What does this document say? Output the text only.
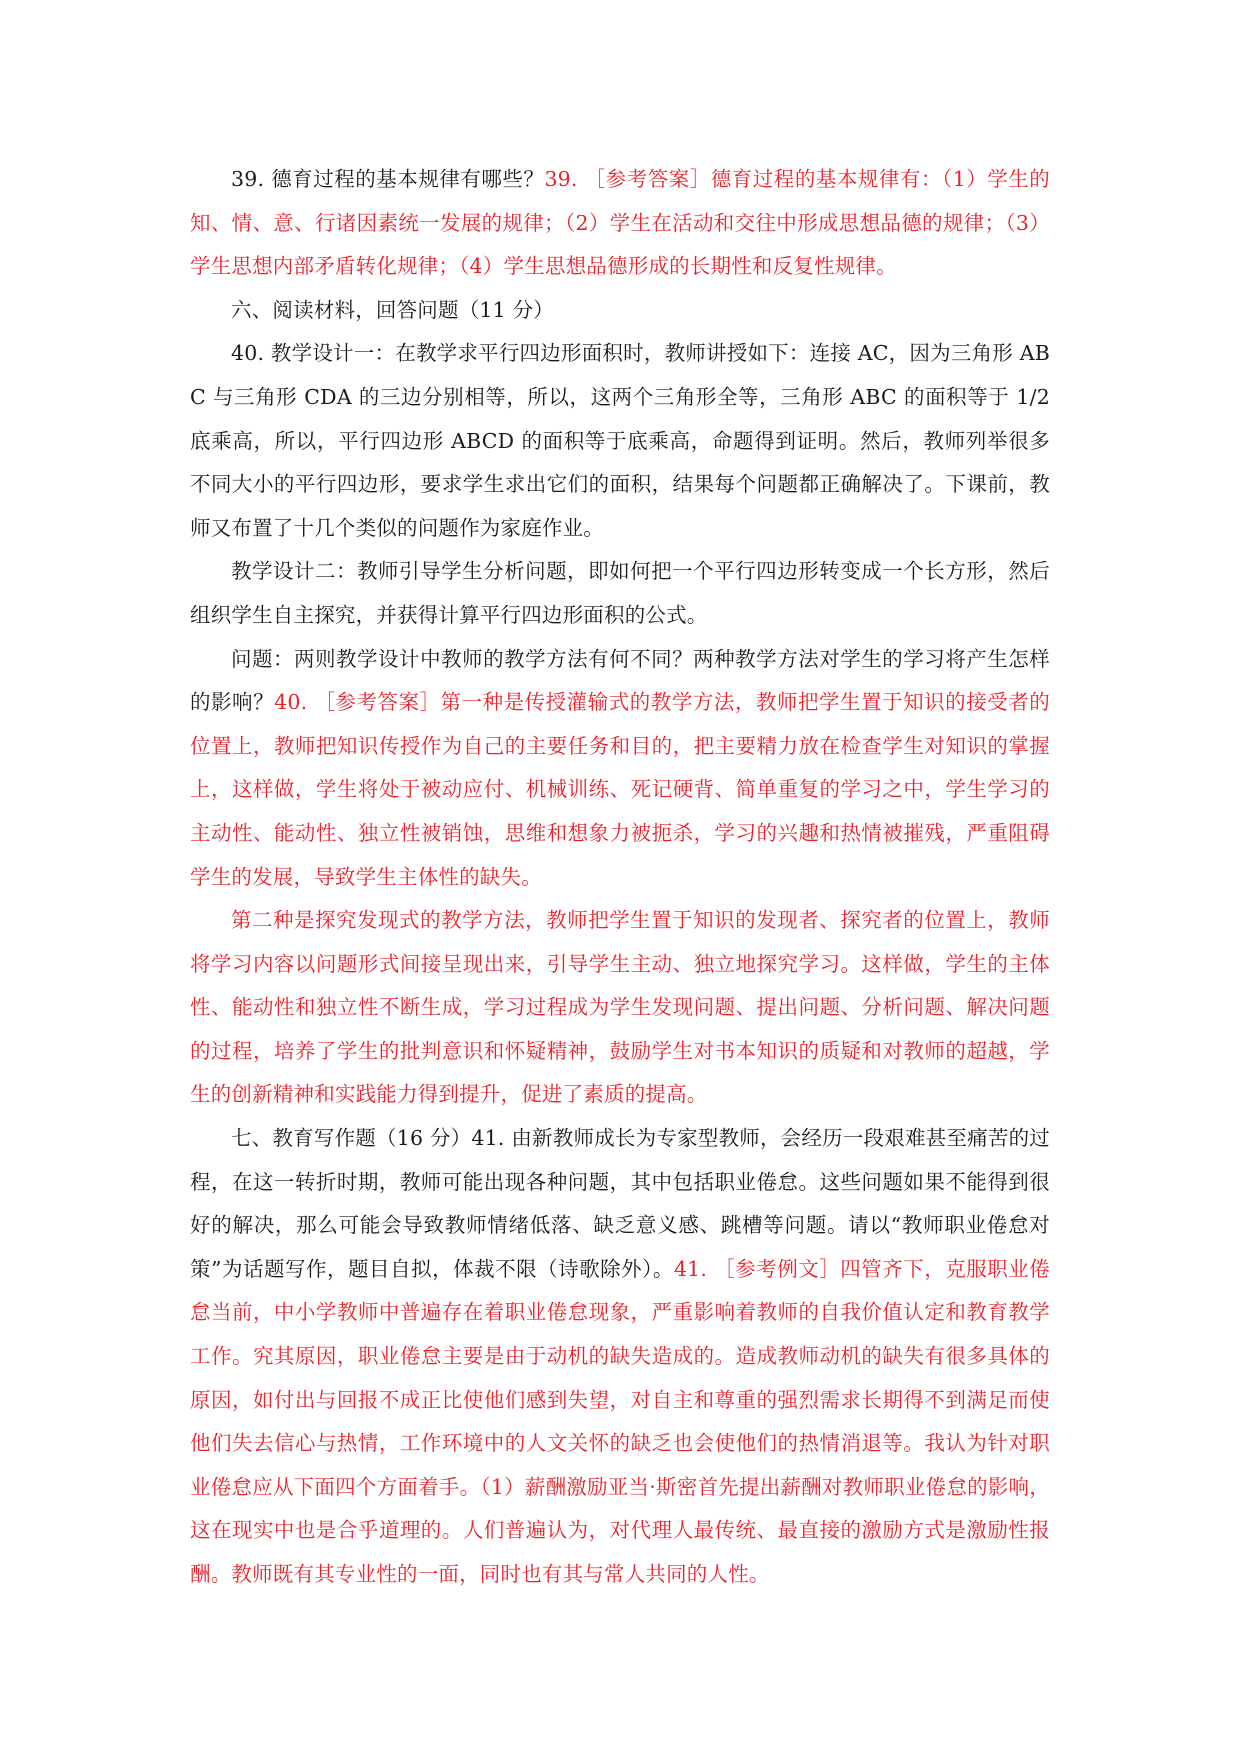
39. 德育过程的基本规律有哪些？39. ［参考答案］德育过程的基本规律有：（1）学生的知、情、意、行诸因素统一发展的规律；（2）学生在活动和交往中形成思想品德的规律；（3）学生思想内部矛盾转化规律；（4）学生思想品德形成的长期性和反复性规律。

六、阅读材料，回答问题（11 分）

40. 教学设计一：在教学求平行四边形面积时，教师讲授如下：连接 AC，因为三角形 ABC 与三角形 CDA 的三边分别相等，所以，这两个三角形全等，三角形 ABC 的面积等于 1/2 底乘高，所以，平行四边形 ABCD 的面积等于底乘高，命题得到证明。然后，教师列举很多不同大小的平行四边形，要求学生求出它们的面积，结果每个问题都正确解决了。下课前，教师又布置了十几个类似的问题作为家庭作业。

教学设计二：教师引导学生分析问题，即如何把一个平行四边形转变成一个长方形，然后组织学生自主探究，并获得计算平行四边形面积的公式。

问题：两则教学设计中教师的教学方法有何不同？两种教学方法对学生的学习将产生怎样的影响？40. ［参考答案］第一种是传授灌输式的教学方法，教师把学生置于知识的接受者的位置上，教师把知识传授作为自己的主要任务和目的，把主要精力放在检查学生对知识的掌握上，这样做，学生将处于被动应付、机械训练、死记硬背、简单重复的学习之中，学生学习的主动性、能动性、独立性被销蚀，思维和想象力被扼杀，学习的兴趣和热情被摧残，严重阻碍学生的发展，导致学生主体性的缺失。

第二种是探究发现式的教学方法，教师把学生置于知识的发现者、探究者的位置上，教师将学习内容以问题形式间接呈现出来，引导学生主动、独立地探究学习。这样做，学生的主体性、能动性和独立性不断生成，学习过程成为学生发现问题、提出问题、分析问题、解决问题的过程，培养了学生的批判意识和怀疑精神，鼓励学生对书本知识的质疑和对教师的超越，学生的创新精神和实践能力得到提升，促进了素质的提高。

七、教育写作题（16 分）41. 由新教师成长为专家型教师，会经历一段艰难甚至痛苦的过程，在这一转折时期，教师可能出现各种问题，其中包括职业倦怠。这些问题如果不能得到很好的解决，那么可能会导致教师情绪低落、缺乏意义感、跳槽等问题。请以“教师职业倦怠对策”为话题写作，题目自拟，体裁不限（诗歌除外）。41. ［参考例文］四管齐下，克服职业倦怠当前，中小学教师中普遍存在着职业倦怠现象，严重影响着教师的自我价值认定和教育教学工作。究其原因，职业倦怠主要是由于动机的缺失造成的。造成教师动机的缺失有很多具体的原因，如付出与回报不成正比使他们感到失望，对自主和尊重的强烈需求长期得不到满足而使他们失去信心与热情，工作环境中的人文关怀的缺乏也会使他们的热情消退等。我认为针对职业倦怠应从下面四个方面着手。（1）薪酬激励亚当·斯密首先提出薪酬对教师职业倦怠的影响，这在现实中也是合乎道理的。人们普遍认为，对代理人最传统、最直接的激励方式是激励性报酬。教师既有其专业性的一面，同时也有其与常人共同的人性。
